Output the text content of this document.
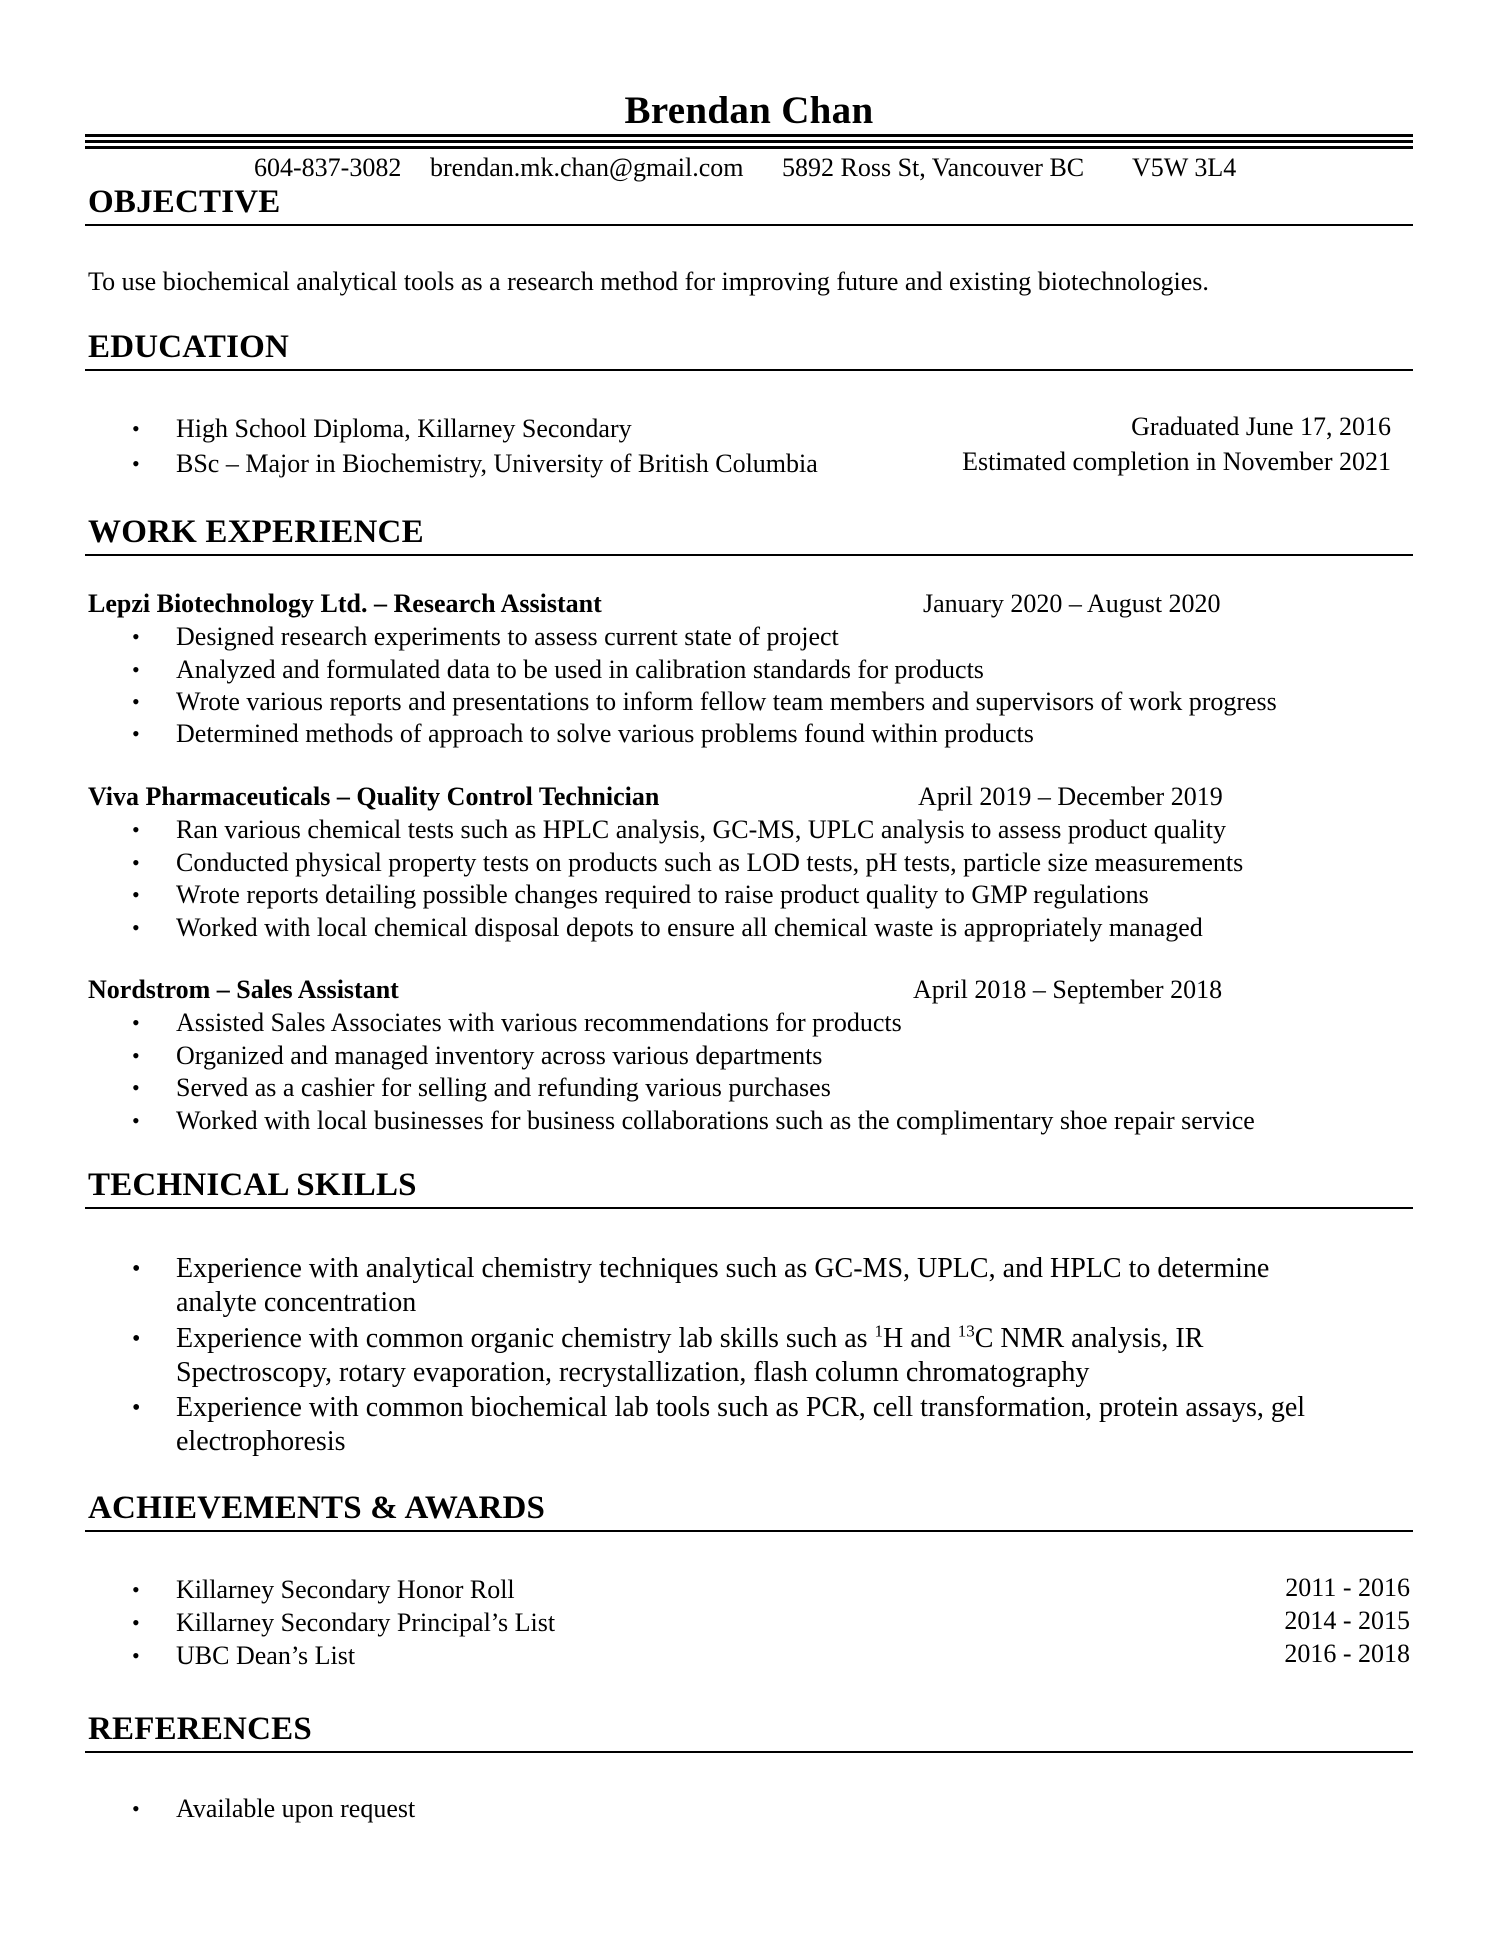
Brendan Chan
604-837-3082 brendan.mk.chan@gmail.com 5892 Ross St, Vancouver BC V5W 3L4
OBJECTIVE
To use biochemical analytical tools as a research method for improving future and existing biotechnologies.
EDUCATION
• High School Diploma, Killarney Secondary	Graduated June 17, 2016
• BSc – Major in Biochemistry, University of British Columbia	Estimated completion in November 2021
WORK EXPERIENCE
Lepzi Biotechnology Ltd. – Research Assistant	January 2020 – August 2020
• Designed research experiments to assess current state of project
• Analyzed and formulated data to be used in calibration standards for products
• Wrote various reports and presentations to inform fellow team members and supervisors of work progress
• Determined methods of approach to solve various problems found within products
Viva Pharmaceuticals – Quality Control Technician	April 2019 – December 2019
• Ran various chemical tests such as HPLC analysis, GC-MS, UPLC analysis to assess product quality
• Conducted physical property tests on products such as LOD tests, pH tests, particle size measurements
• Wrote reports detailing possible changes required to raise product quality to GMP regulations
• Worked with local chemical disposal depots to ensure all chemical waste is appropriately managed
Nordstrom – Sales Assistant	April 2018 – September 2018
• Assisted Sales Associates with various recommendations for products
• Organized and managed inventory across various departments
• Served as a cashier for selling and refunding various purchases
• Worked with local businesses for business collaborations such as the complimentary shoe repair service
TECHNICAL SKILLS
• Experience with analytical chemistry techniques such as GC-MS, UPLC, and HPLC to determine
analyte concentration
• Experience with common organic chemistry lab skills such as $^1$H and $^{13}$C NMR analysis, IR
Spectroscopy, rotary evaporation, recrystallization, flash column chromatography
• Experience with common biochemical lab tools such as PCR, cell transformation, protein assays, gel
electrophoresis
ACHIEVEMENTS & AWARDS
• Killarney Secondary Honor Roll	2011 - 2016
• Killarney Secondary Principal’s List	2014 - 2015
• UBC Dean’s List	2016 - 2018
REFERENCES
• Available upon request
